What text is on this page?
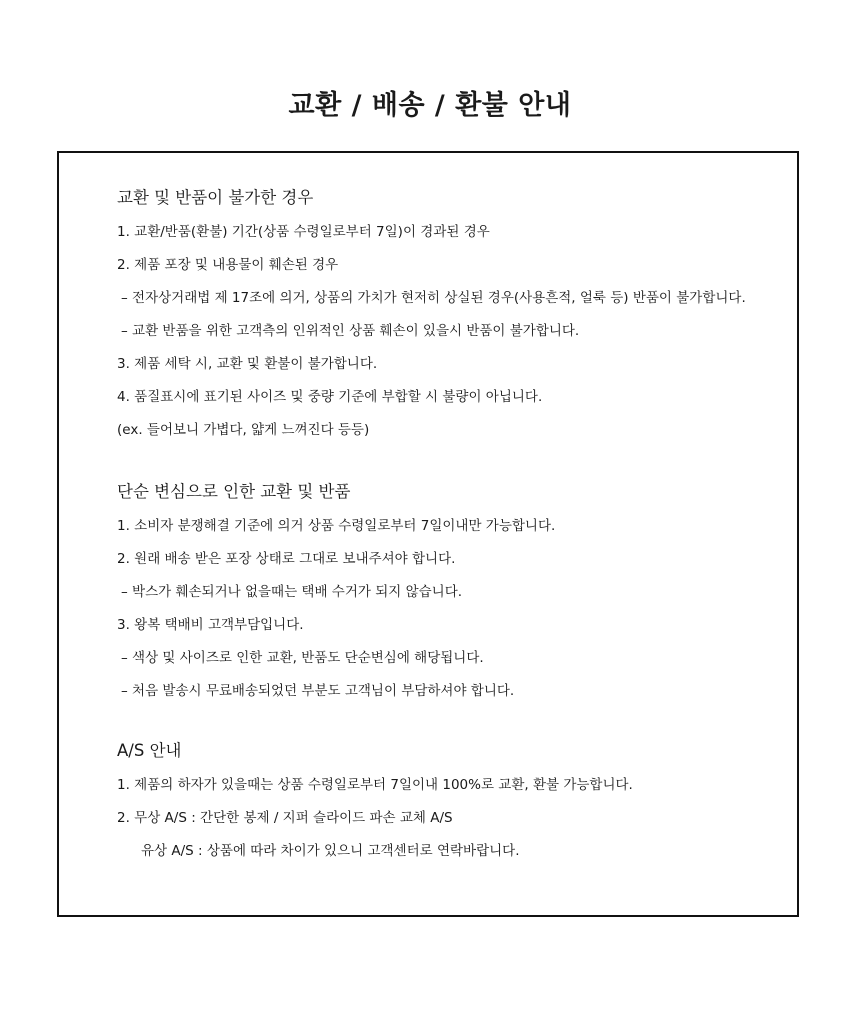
교환 / 배송 / 환불 안내
교환 및 반품이 불가한 경우
1. 교환/반품(환불) 기간(상품 수령일로부터 7일)이 경과된 경우
2. 제품 포장 및 내용물이 훼손된 경우
– 전자상거래법 제 17조에 의거, 상품의 가치가 현저히 상실된 경우(사용흔적, 얼룩 등) 반품이 불가합니다.
– 교환 반품을 위한 고객측의 인위적인 상품 훼손이 있을시 반품이 불가합니다.
3. 제품 세탁 시, 교환 및 환불이 불가합니다.
4. 품질표시에 표기된 사이즈 및 중량 기준에 부합할 시 불량이 아닙니다.
(ex. 들어보니 가볍다, 얇게 느껴진다 등등)
단순 변심으로 인한 교환 및 반품
1. 소비자 분쟁해결 기준에 의거 상품 수령일로부터 7일이내만 가능합니다.
2. 원래 배송 받은 포장 상태로 그대로 보내주셔야 합니다.
– 박스가 훼손되거나 없을때는 택배 수거가 되지 않습니다.
3. 왕복 택배비 고객부담입니다.
– 색상 및 사이즈로 인한 교환, 반품도 단순변심에 해당됩니다.
– 처음 발송시 무료배송되었던 부분도 고객님이 부담하셔야 합니다.
A/S 안내
1. 제품의 하자가 있을때는 상품 수령일로부터 7일이내 100%로 교환, 환불 가능합니다.
2. 무상 A/S : 간단한 봉제 / 지퍼 슬라이드 파손 교체 A/S
유상 A/S : 상품에 따라 차이가 있으니 고객센터로 연락바랍니다.
